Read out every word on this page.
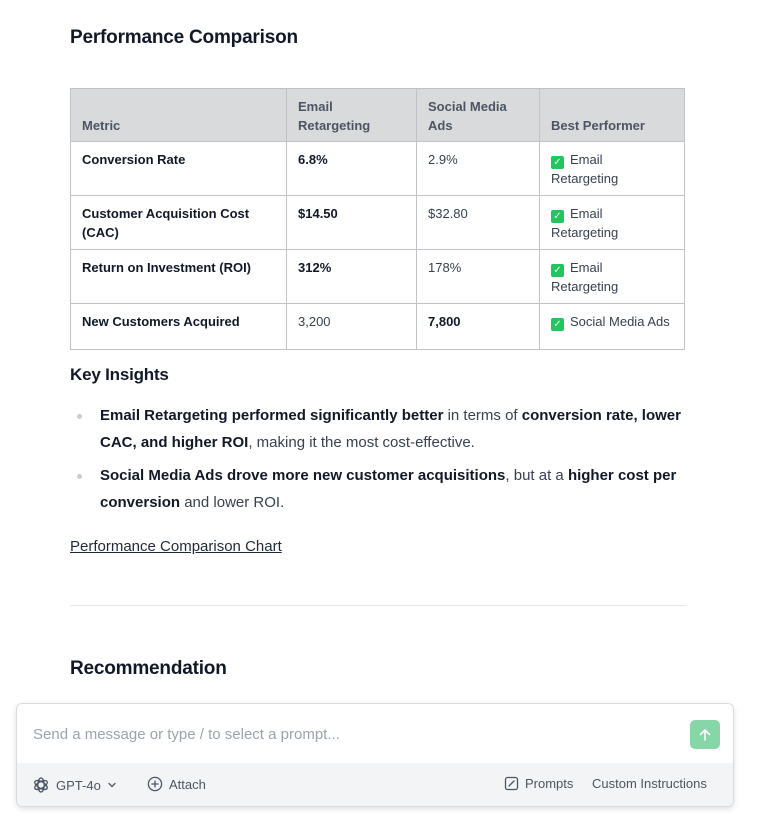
Performance Comparison
Metric	Email Retargeting	Social Media Ads	Best Performer
Conversion Rate	6.8%	2.9%	✓ Email Retargeting
Customer Acquisition Cost (CAC)	$14.50	$32.80	✓ Email Retargeting
Return on Investment (ROI)	312%	178%	✓ Email Retargeting
New Customers Acquired	3,200	7,800	✓ Social Media Ads
Key Insights
Email Retargeting performed significantly better in terms of conversion rate, lower CAC, and higher ROI, making it the most cost-effective.
Social Media Ads drove more new customer acquisitions, but at a higher cost per conversion and lower ROI.
Performance Comparison Chart
Recommendation
Send a message or type / to select a prompt...
GPT-4o	Attach	Prompts Custom Instructions
